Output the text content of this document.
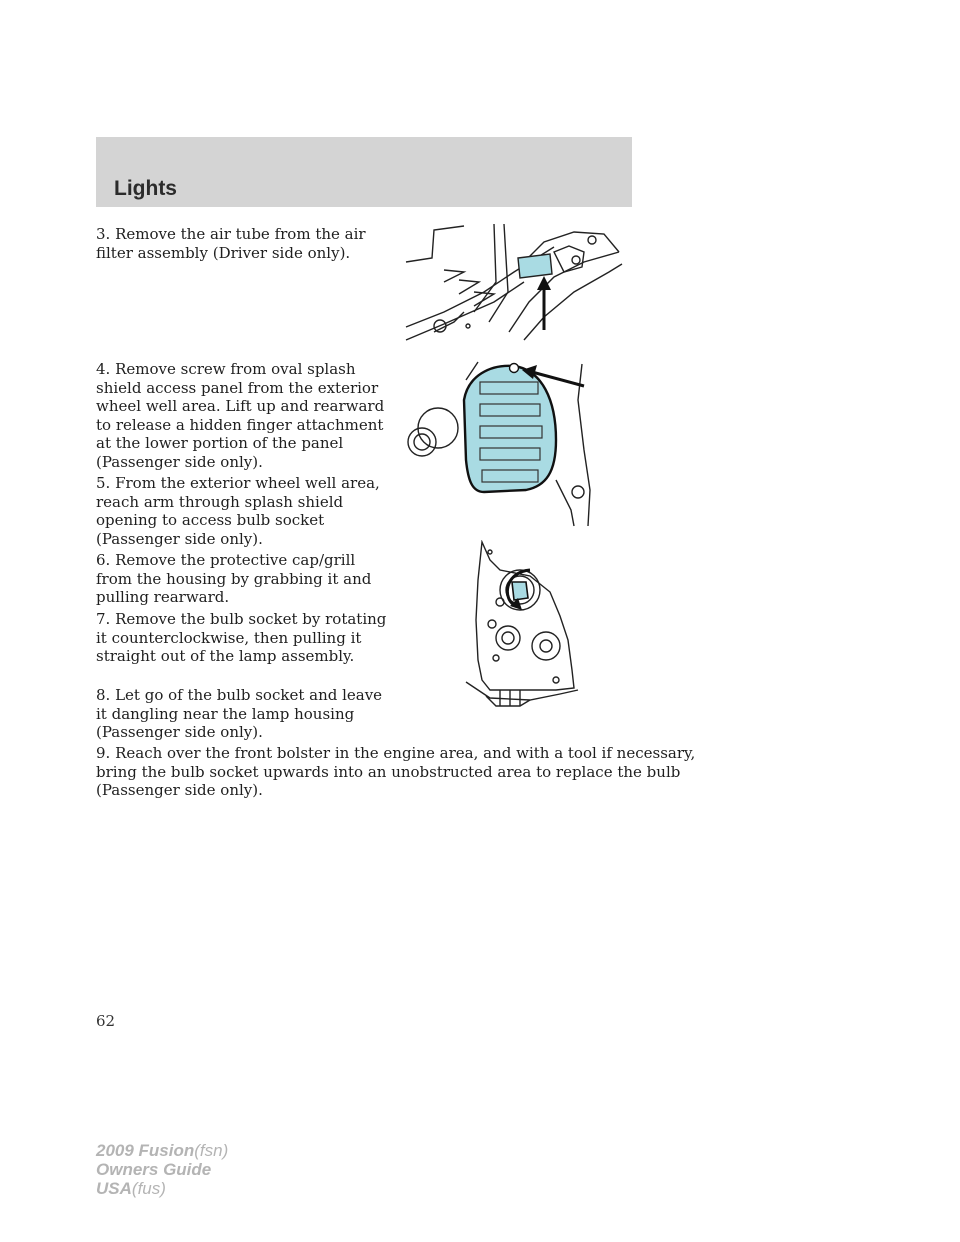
Lights

3. Remove the air tube from the air filter assembly (Driver side only).

4. Remove screw from oval splash shield access panel from the exterior wheel well area. Lift up and rearward to release a hidden finger attachment at the lower portion of the panel (Passenger side only).

5. From the exterior wheel well area, reach arm through splash shield opening to access bulb socket (Passenger side only).

6. Remove the protective cap/grill from the housing by grabbing it and pulling rearward.

7. Remove the bulb socket by rotating it counterclockwise, then pulling it straight out of the lamp assembly.

8. Let go of the bulb socket and leave it dangling near the lamp housing (Passenger side only).

9. Reach over the front bolster in the engine area, and with a tool if necessary, bring the bulb socket upwards into an unobstructed area to replace the bulb (Passenger side only).

62
2009 Fusion(fsn)
Owners Guide
USA(fus)
